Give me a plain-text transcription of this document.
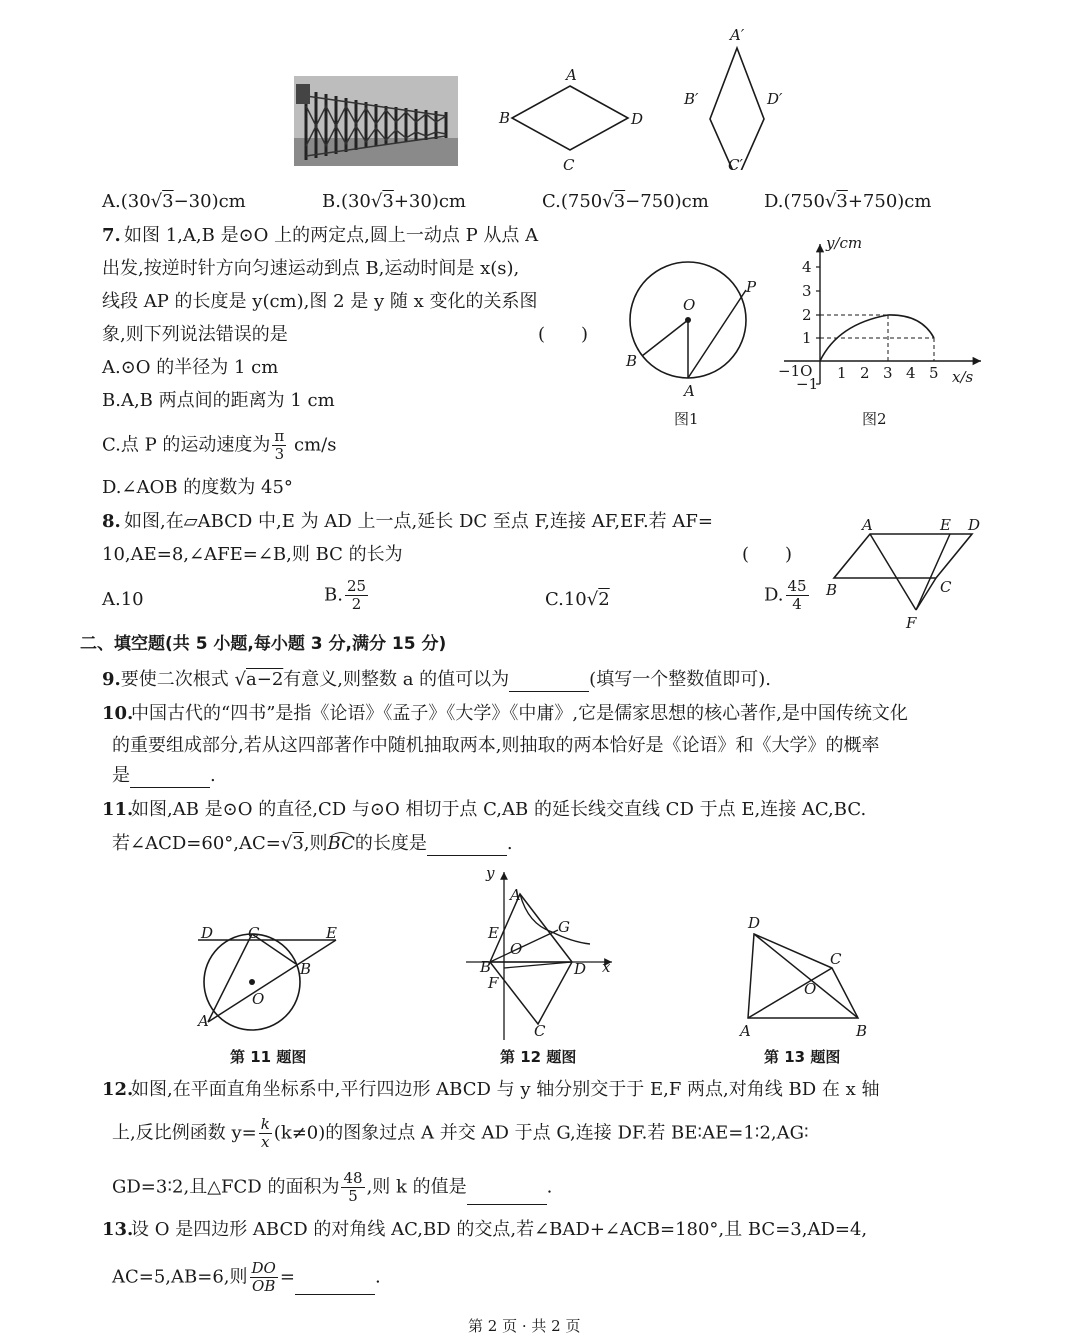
A
B
C
D
A′
B′	D′
C′
A.(30√3−30)cm	B.(30√3+30)cm	C.(750√3−750)cm	D.(750√3+750)cm
7. 如图 1,A,B 是⊙O 上的两定点,圆上一动点 P 从点 A
出发,按逆时针方向匀速运动到点 B,运动时间是 x(s),
线段 AP 的长度是 y(cm),图 2 是 y 随 x 变化的关系图
象,则下列说法错误的是	(　　)
A.⊙O 的半径为 1 cm
B.A,B 两点间的距离为 1 cm
C.点 P 的运动速度为 $\frac{\pi}{3} cm/s$
D.∠AOB 的度数为 45°
O
P
B
A
图1
y/cm
4
3
2
1
−1
−1O 1 2 3 4 5 x/s
图2
8. 如图,在▱ABCD 中,E 为 AD 上一点,延长 DC 至点 F,连接 AF,EF.若 AF=
10,AE=8,∠AFE=∠B,则 BC 的长为	(　　)
A.10	B. $\frac{25}{2}$	C.10√2	D. $\frac{45}{4}$
A	E D
B	C
F
二、填空题(共 5 小题,每小题 3 分,满分 15 分)
9.要使二次根式 √a−2有意义,则整数 a 的值可以为	(填写一个整数值即可).
10.
中国古代的“四书”是指《论语》《孟子》《大学》《中庸》,它是儒家思想的核心著作,是中国传统文化
的重要组成部分,若从这四部著作中随机抽取两本,则抽取的两本恰好是《论语》和《大学》的概率
是	.
11.
如图,AB 是⊙O 的直径,CD 与⊙O 相切于点 C,AB 的延长线交直线 CD 于点 E,连接 AC,BC.
若∠ACD=60°,AC=√3,则BC的长度是	.
D C	E
B
O
A
第 11 题图
y
A
G
E
O
B
F
D x
C
第 12 题图
D
C
O
A	B
第 13 题图
12.
如图,在平面直角坐标系中,平行四边形 ABCD 与 y 轴分别交于于 E,F 两点,对角线 BD 在 x 轴
上,反比例函数 $y= \frac{k}{x} (k\ne 0)$的图象过点 A 并交 AD 于点 G,连接 DF.若 BE∶AE=1∶2,AG∶
GD=3∶2,且△FCD 的面积为 $\frac{48}{5}$ ,则 k 的值是	.
13.
设 O 是四边形 ABCD 的对角线 AC,BD 的交点,若∠BAD+∠ACB=180°,且 BC=3,AD=4,
AC=5,AB=6,则 $\frac{DO}{OB}$ =	.
第 2 页 · 共 2 页
